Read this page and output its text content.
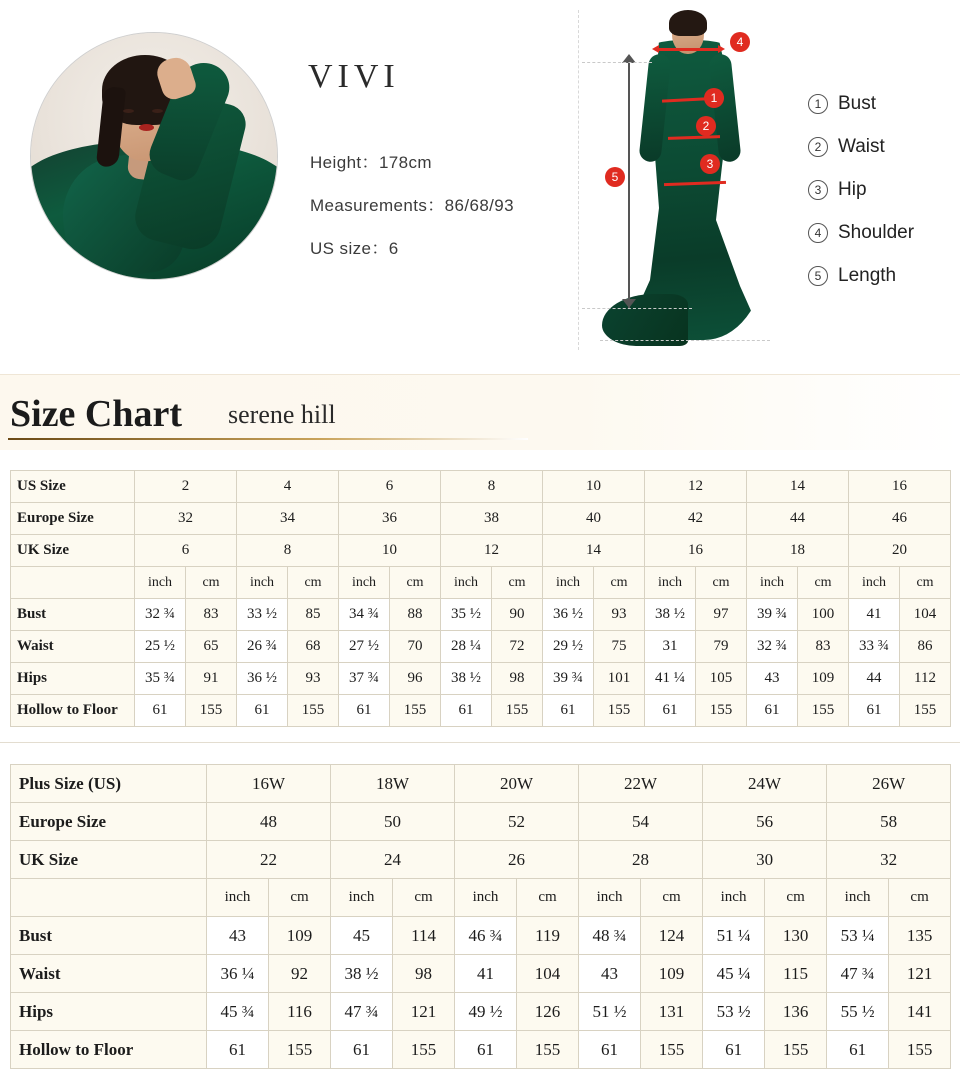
VIVI
Height：178cm
Measurements：86/68/93
US size：6
1
2
3
4
5
1 Bust
2 Waist
3 Hip
4 Shoulder
5 Length
Size Chart serene hill
US Size	2		4		6		8		10		12		14		16	
Europe Size	32		34		36		38		40		42		44		46	
UK Size	6		8		10		12		14		16		18		20	
	inch	cm	inch	cm	inch	cm	inch	cm	inch	cm	inch	cm	inch	cm	inch	cm
Bust	32 ¾	83	33 ½	85	34 ¾	88	35 ½	90	36 ½	93	38 ½	97	39 ¾	100	41	104
Waist	25 ½	65	26 ¾	68	27 ½	70	28 ¼	72	29 ½	75	31	79	32 ¾	83	33 ¾	86
Hips	35 ¾	91	36 ½	93	37 ¾	96	38 ½	98	39 ¾	101	41 ¼	105	43	109	44	112
Hollow to Floor	61	155	61	155	61	155	61	155	61	155	61	155	61	155	61	155
Plus Size (US)	16W		18W		20W		22W		24W		26W	
Europe Size	48		50		52		54		56		58	
UK Size	22		24		26		28		30		32	
	inch	cm	inch	cm	inch	cm	inch	cm	inch	cm	inch	cm
Bust	43	109	45	114	46 ¾	119	48 ¾	124	51 ¼	130	53 ¼	135
Waist	36 ¼	92	38 ½	98	41	104	43	109	45 ¼	115	47 ¾	121
Hips	45 ¾	116	47 ¾	121	49 ½	126	51 ½	131	53 ½	136	55 ½	141
Hollow to Floor	61	155	61	155	61	155	61	155	61	155	61	155
